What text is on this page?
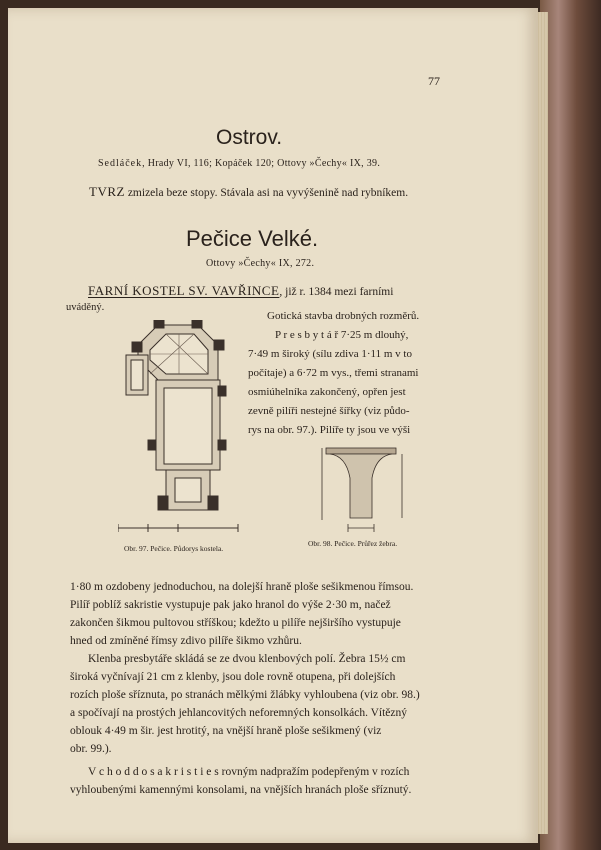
77
Ostrov.
Sedláček, Hrady VI, 116; Kopáček 120; Ottovy »Čechy« IX, 39.
TVRZ zmizela beze stopy. Stávala asi na vyvýšenině nad rybníkem.
Pečice Velké.
Ottovy »Čechy« IX, 272.
FARNÍ KOSTEL SV. VAVŘINCE, již r. 1384 mezi farními
uváděný.
Gotická stavba drobných rozměrů.
P r e s b y t á ř 7·25 m dlouhý,
7·49 m široký (sílu zdiva 1·11 m v to
počítaje) a 6·72 m vys., třemi stranami
osmiúhelníka zakončený, opřen jest
zevně pilíři nestejné šířky (viz půdo-
rys na obr. 97.). Pilíře ty jsou ve výši
Obr. 97. Pečice. Půdorys kostela.
Obr. 98. Pečice. Průřez žebra.
1·80 m ozdobeny jednoduchou, na dolejší hraně ploše sešikmenou římsou.
Pilíř poblíž sakristie vystupuje pak jako hranol do výše 2·30 m, načež
zakončen šikmou pultovou stříškou; kdežto u pilíře nejširšího vystupuje
hned od zmíněné římsy zdivo pilíře šikmo vzhůru.
Klenba presbytáře skládá se ze dvou klenbových polí. Žebra 15½ cm
široká vyčnívají 21 cm z klenby, jsou dole rovně otupena, při dolejších
rozích ploše sříznuta, po stranách mělkými žlábky vyhloubena (viz obr. 98.)
a spočívají na prostých jehlancovitých neforemných konsolkách. Vítězný
oblouk 4·49 m šir. jest hrotitý, na vnější hraně ploše sešikmený (viz
obr. 99.).
V c h o d d o s a k r i s t i e s rovným nadpražím podepřeným v rozích
vyhloubenými kamennými konsolami, na vnějších hranách ploše sříznutý.
